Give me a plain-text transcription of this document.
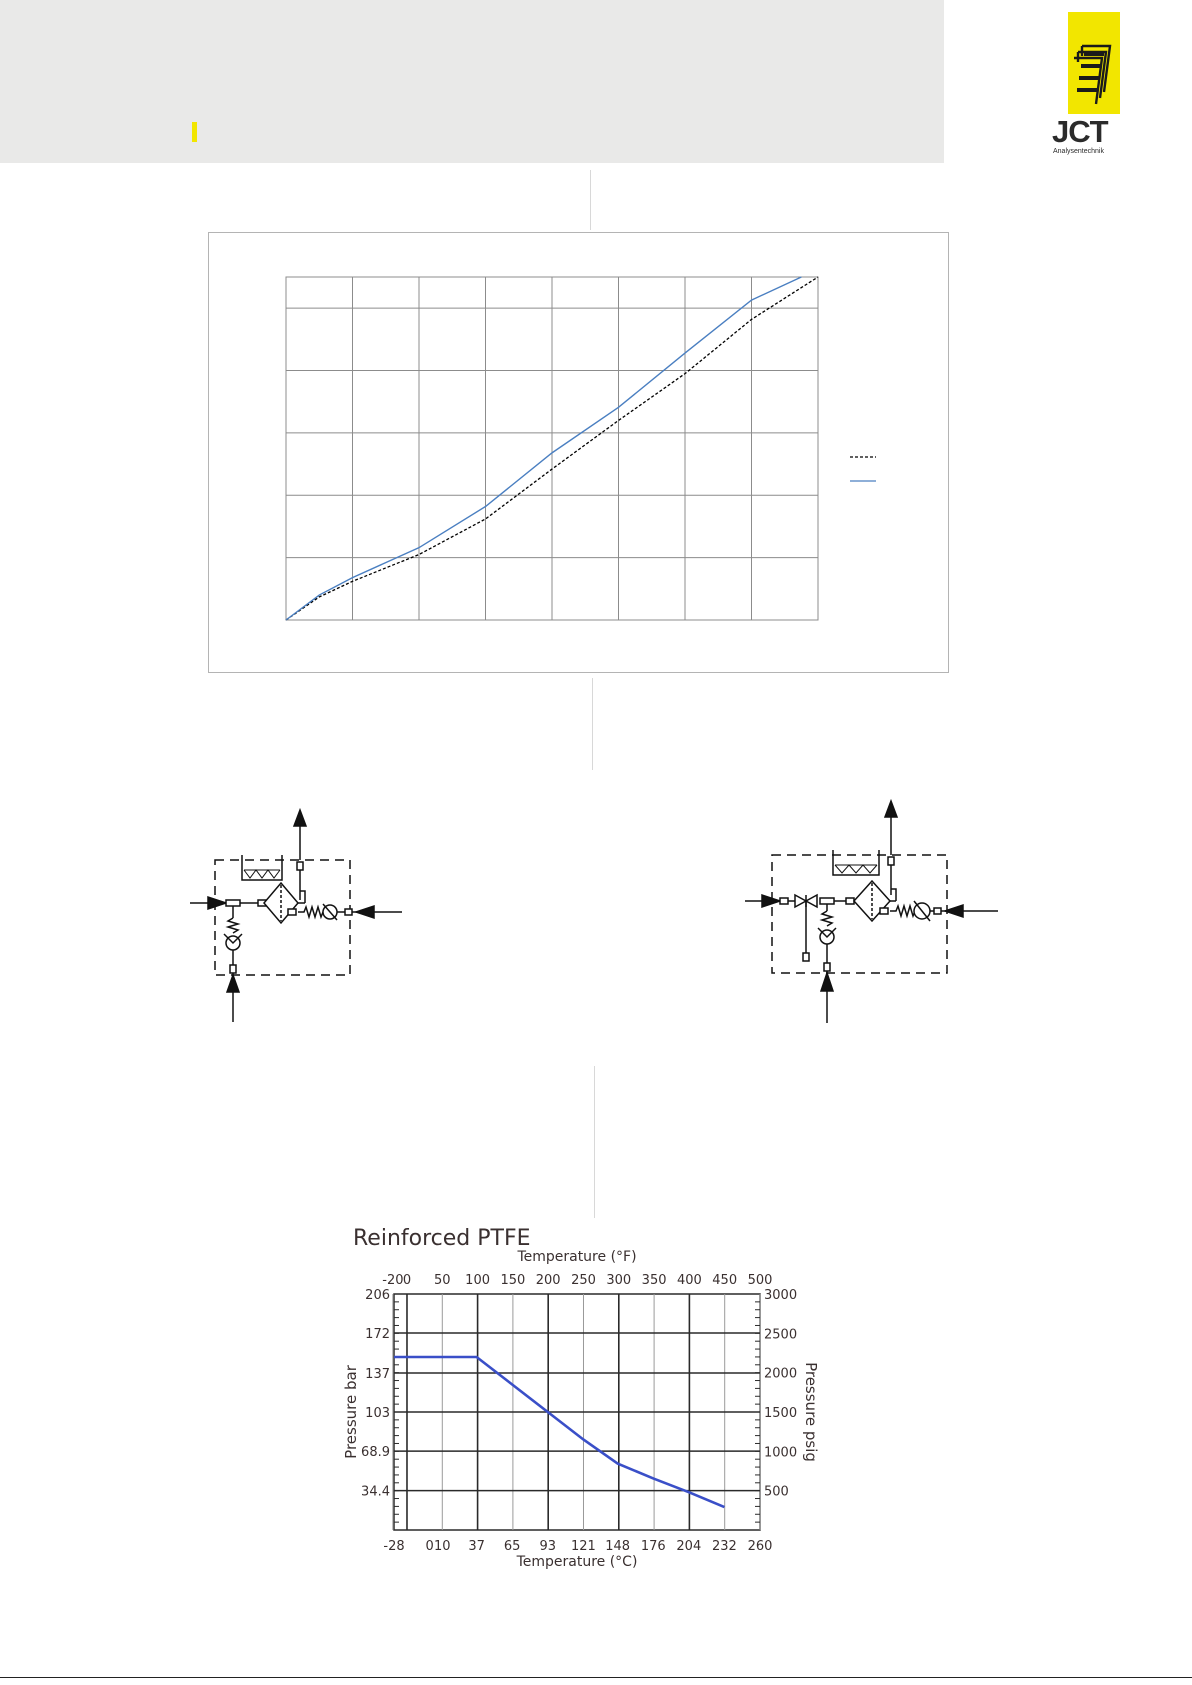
JCT
Analysentechnik
Reinforced PTFE
Temperature (°F)
Temperature (°C)
Pressure bar	Pressure psig
-20 0 50 100 150 200 250 300 350 400 450 500
-28 0 10 37 65 93 121 148 176 204 232 260
206
172
137
103
68.9
34.4
3000
2500
2000
1500
1000
500
